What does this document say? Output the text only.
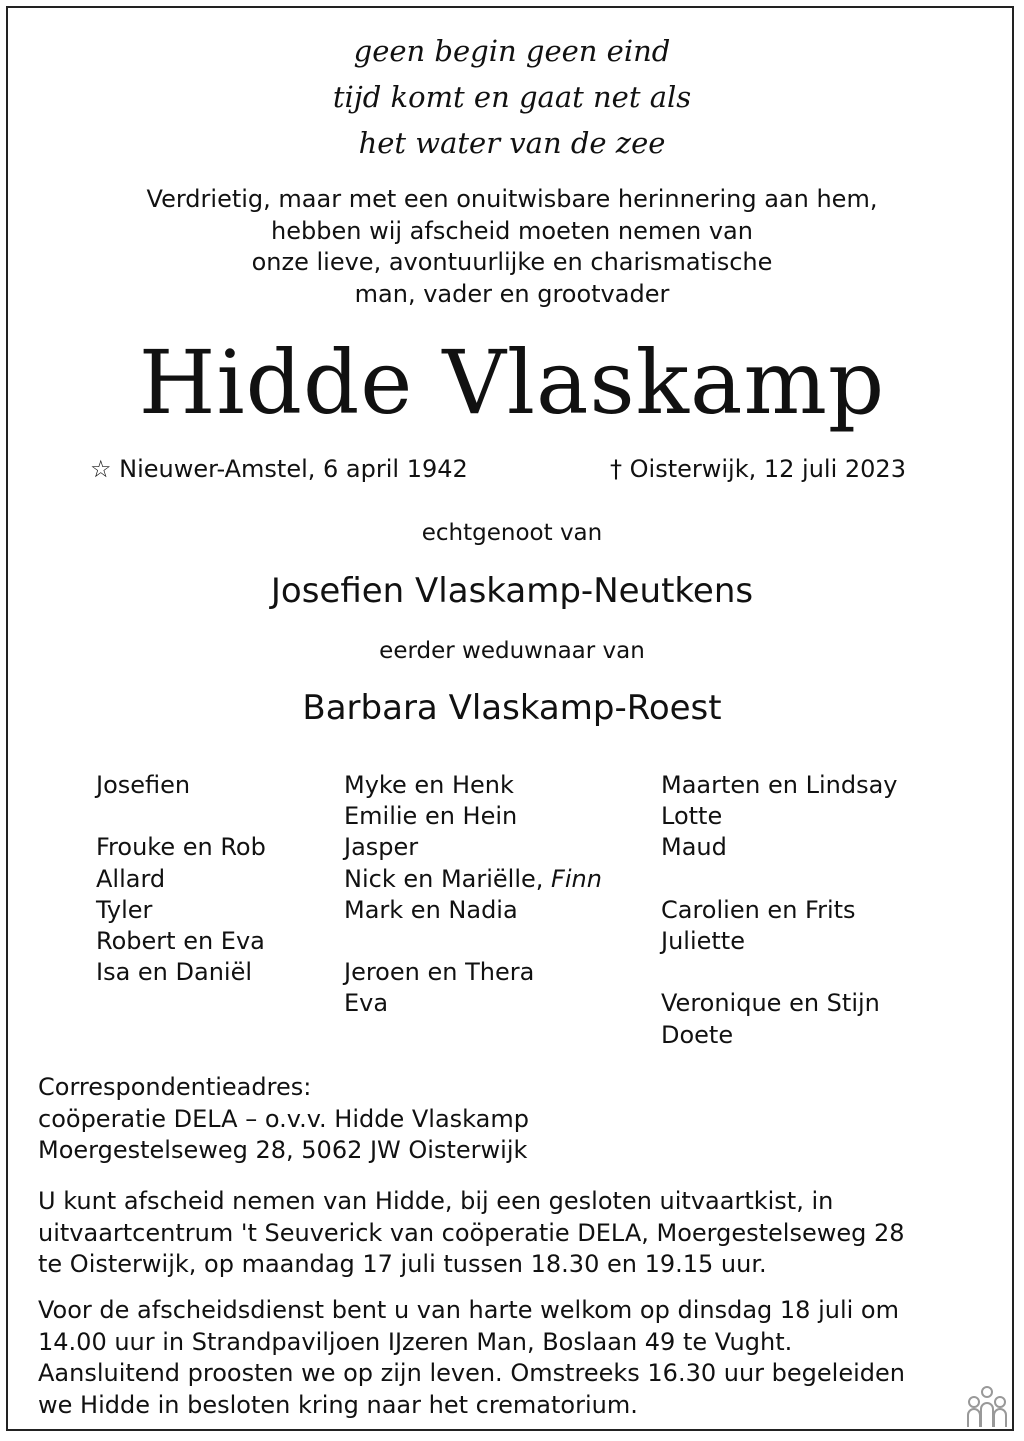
geen begin geen eind
tijd komt en gaat net als
het water van de zee
Verdrietig, maar met een onuitwisbare herinnering aan hem,
hebben wij afscheid moeten nemen van
onze lieve, avontuurlijke en charismatische
man, vader en grootvader
Hidde Vlaskamp
☆ Nieuwer-Amstel, 6 april 1942	† Oisterwijk, 12 juli 2023
echtgenoot van
Josefien Vlaskamp-Neutkens
eerder weduwnaar van
Barbara Vlaskamp-Roest
Josefien
Frouke en Rob
Allard
Tyler
Robert en Eva
Isa en Daniël
Myke en Henk
Emilie en Hein
Jasper
Nick en Mariëlle, Finn
Mark en Nadia
Jeroen en Thera
Eva
Maarten en Lindsay
Lotte
Maud
Carolien en Frits
Juliette
Veronique en Stijn
Doete
Correspondentieadres:
coöperatie DELA – o.v.v. Hidde Vlaskamp
Moergestelseweg 28, 5062 JW Oisterwijk
U kunt afscheid nemen van Hidde, bij een gesloten uitvaartkist, in
uitvaartcentrum 't Seuverick van coöperatie DELA, Moergestelseweg 28
te Oisterwijk, op maandag 17 juli tussen 18.30 en 19.15 uur.
Voor de afscheidsdienst bent u van harte welkom op dinsdag 18 juli om
14.00 uur in Strandpaviljoen IJzeren Man, Boslaan 49 te Vught.
Aansluitend proosten we op zijn leven. Omstreeks 16.30 uur begeleiden
we Hidde in besloten kring naar het crematorium.
